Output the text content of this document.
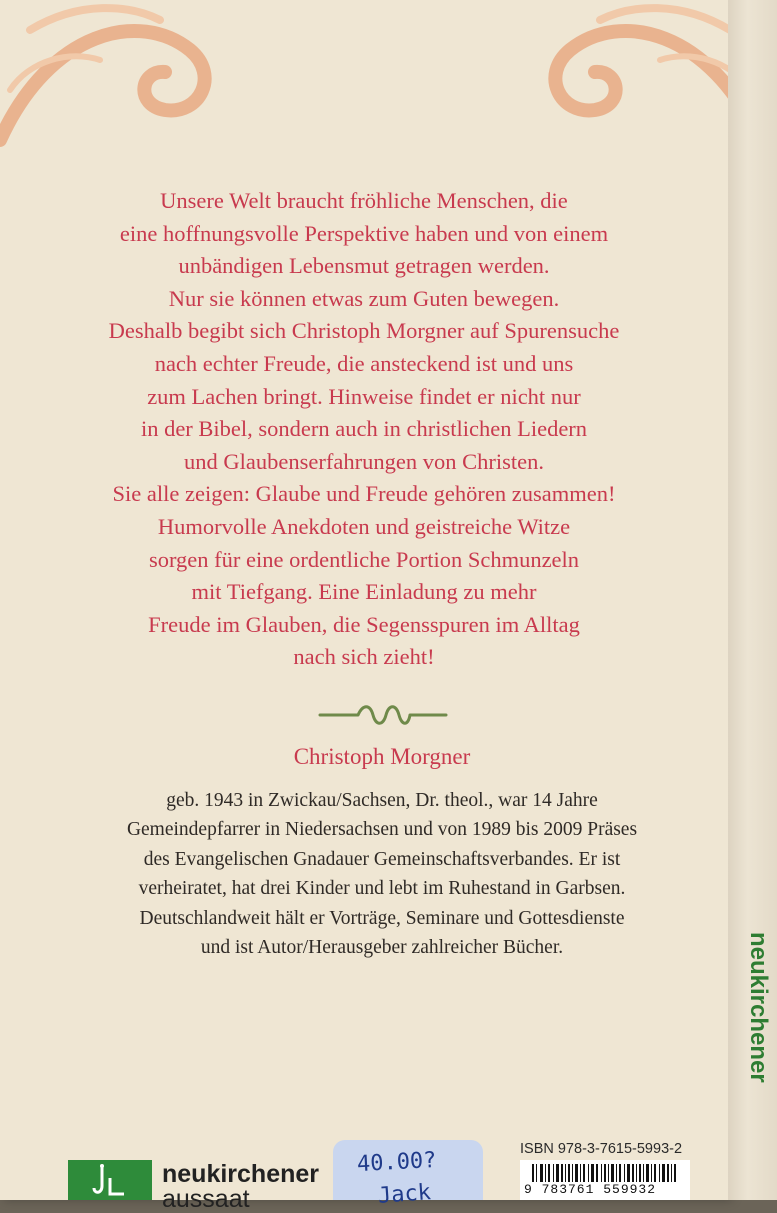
Unsere Welt braucht fröhliche Menschen, die

eine hoffnungsvolle Perspektive haben und von einem

unbändigen Lebensmut getragen werden.

Nur sie können etwas zum Guten bewegen.

Deshalb begibt sich Christoph Morgner auf Spurensuche

nach echter Freude, die ansteckend ist und uns

zum Lachen bringt. Hinweise findet er nicht nur

in der Bibel, sondern auch in christlichen Liedern

und Glaubenserfahrungen von Christen.

Sie alle zeigen: Glaube und Freude gehören zusammen!

Humorvolle Anekdoten und geistreiche Witze

sorgen für eine ordentliche Portion Schmunzeln

mit Tiefgang. Eine Einladung zu mehr

Freude im Glauben, die Segensspuren im Alltag

nach sich zieht!

Christoph Morgner

geb. 1943 in Zwickau/Sachsen, Dr. theol., war 14 Jahre

Gemeindepfarrer in Niedersachsen und von 1989 bis 2009 Präses

des Evangelischen Gnadauer Gemeinschaftsverbandes. Er ist

verheiratet, hat drei Kinder und lebt im Ruhestand in Garbsen.

Deutschlandweit hält er Vorträge, Seminare und Gottesdienste

und ist Autor/Herausgeber zahlreicher Bücher.

neukirchener
aussaat
40.00?
Jack
ISBN 978-3-7615-5993-2
9 783761 559932
neukirchener
